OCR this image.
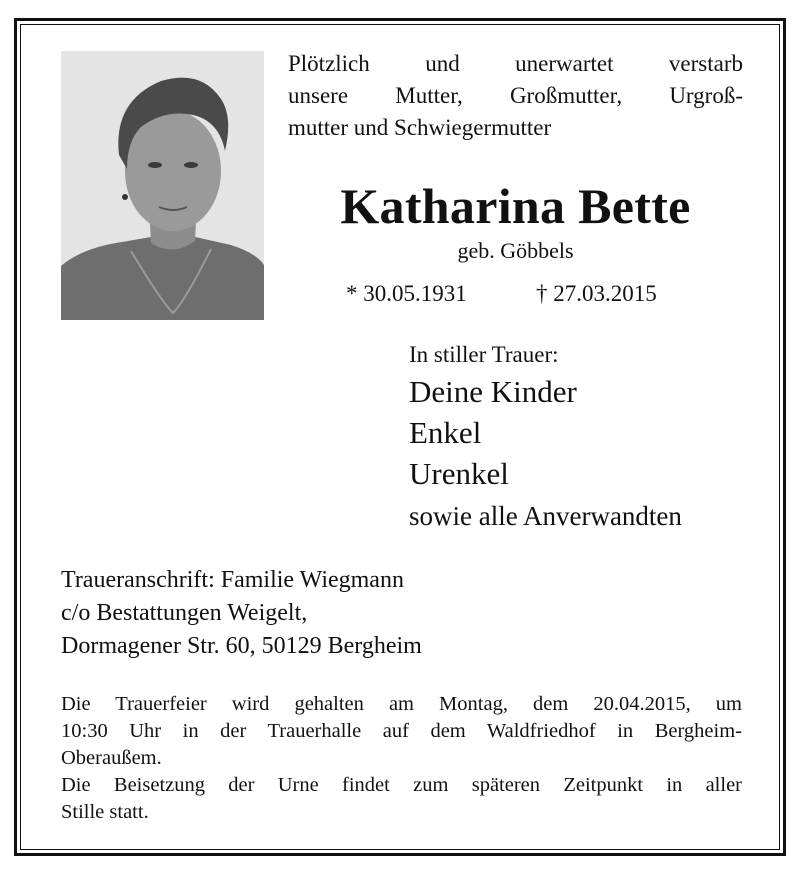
Plötzlich und unerwartet verstarb
unsere Mutter, Großmutter, Urgroß-
mutter und Schwiegermutter
Katharina Bette
geb. Göbbels
* 30.05.1931	† 27.03.2015
In stiller Trauer:
Deine Kinder
Enkel
Urenkel
sowie alle Anverwandten
Traueranschrift: Familie Wiegmann
c/o Bestattungen Weigelt,
Dormagener Str. 60, 50129 Bergheim
Die Trauerfeier wird gehalten am Montag, dem 20.04.2015, um
10:30 Uhr in der Trauerhalle auf dem Waldfriedhof in Bergheim-
Oberaußem.
Die Beisetzung der Urne findet zum späteren Zeitpunkt in aller
Stille statt.
